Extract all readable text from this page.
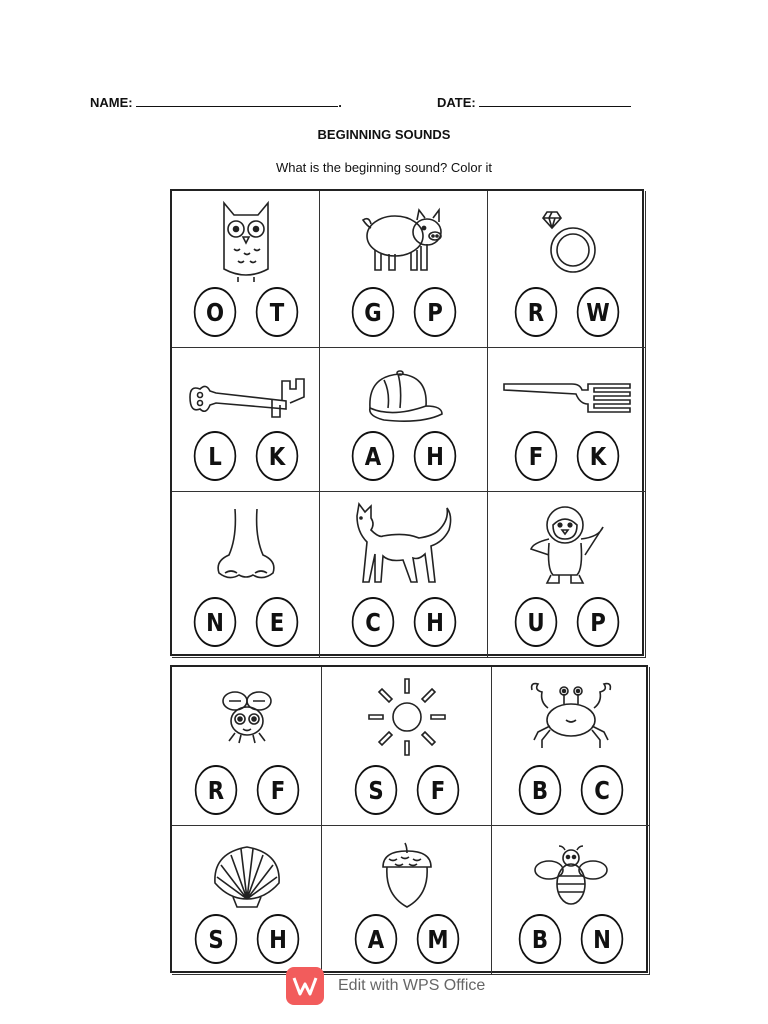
NAME:	.	DATE:
BEGINNING SOUNDS
What is the beginning sound? Color it
O	T	G	P	R	W
L	K	A	H	F	K
N	E	C	H	U	P
R	F	S	F	B	C
S	H	A	M	B	N
Edit with WPS Office
